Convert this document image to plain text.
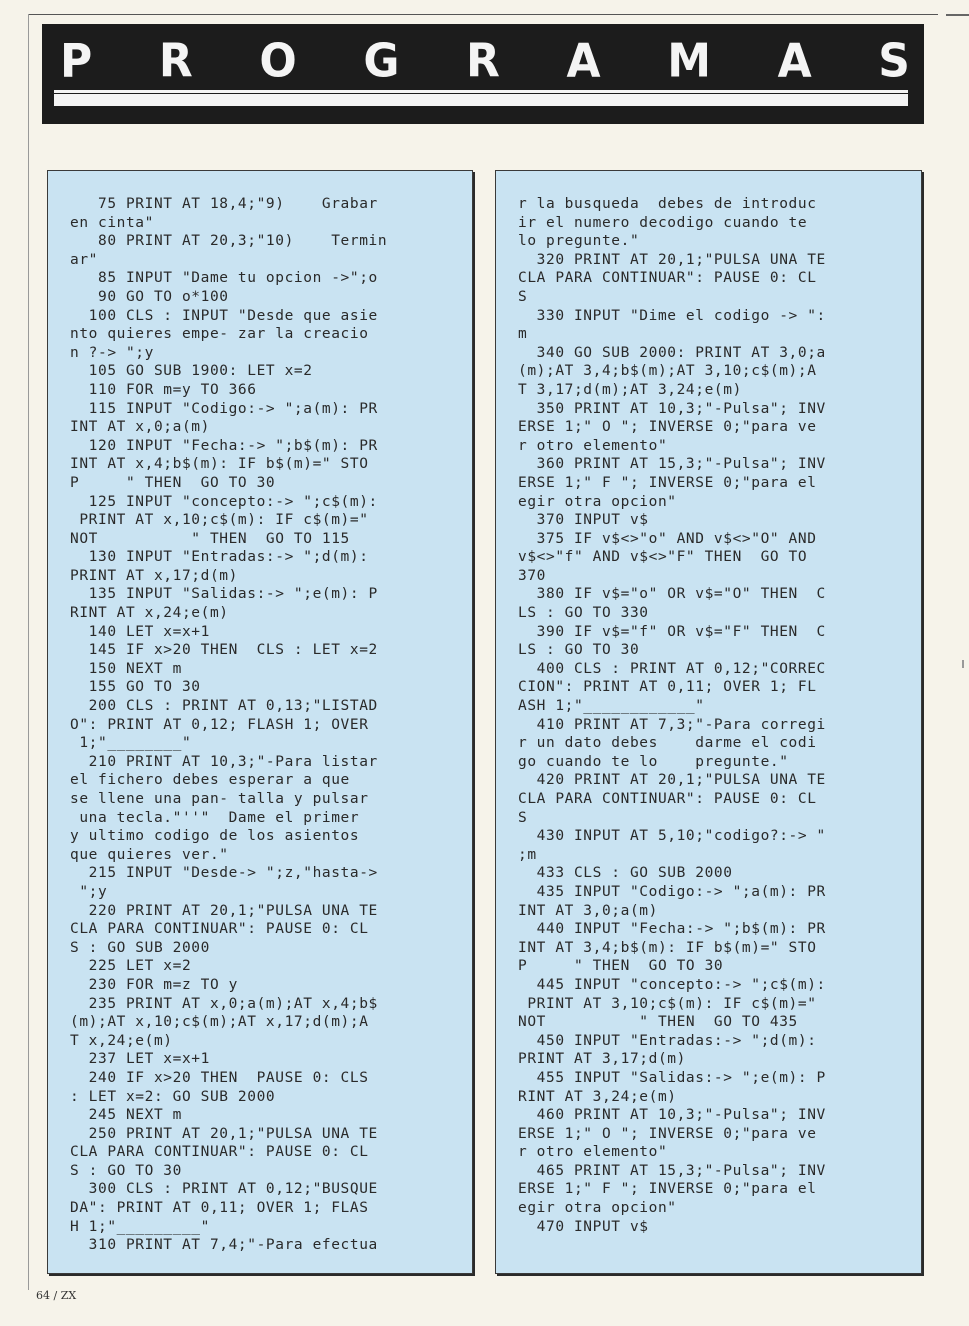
P R O G R A M A S
75 PRINT AT 18,4;"9)    Grabar
en cinta"
80 PRINT AT 20,3;"10)    Termin
ar"
85 INPUT "Dame tu opcion ->";o
90 GO TO o*100
100 CLS : INPUT "Desde que asie
nto quieres empe- zar la creacio
n ?-> ";y
105 GO SUB 1900: LET x=2
110 FOR m=y TO 366
115 INPUT "Codigo:-> ";a(m): PR
INT AT x,0;a(m)
120 INPUT "Fecha:-> ";b$(m): PR
INT AT x,4;b$(m): IF b$(m)=" STO
P     " THEN  GO TO 30
125 INPUT "concepto:-> ";c$(m):
PRINT AT x,10;c$(m): IF c$(m)="
NOT          " THEN  GO TO 115
130 INPUT "Entradas:-> ";d(m):
PRINT AT x,17;d(m)
135 INPUT "Salidas:-> ";e(m): P
RINT AT x,24;e(m)
140 LET x=x+1
145 IF x>20 THEN  CLS : LET x=2
150 NEXT m
155 GO TO 30
200 CLS : PRINT AT 0,13;"LISTAD
O": PRINT AT 0,12; FLASH 1; OVER
1;"________"
210 PRINT AT 10,3;"-Para listar
el fichero debes esperar a que
se llene una pan- talla y pulsar
una tecla."''"  Dame el primer
y ultimo codigo de los asientos
que quieres ver."
215 INPUT "Desde-> ";z,"hasta->
";y
220 PRINT AT 20,1;"PULSA UNA TE
CLA PARA CONTINUAR": PAUSE 0: CL
S : GO SUB 2000
225 LET x=2
230 FOR m=z TO y
235 PRINT AT x,0;a(m);AT x,4;b$
(m);AT x,10;c$(m);AT x,17;d(m);A
T x,24;e(m)
237 LET x=x+1
240 IF x>20 THEN  PAUSE 0: CLS
: LET x=2: GO SUB 2000
245 NEXT m
250 PRINT AT 20,1;"PULSA UNA TE
CLA PARA CONTINUAR": PAUSE 0: CL
S : GO TO 30
300 CLS : PRINT AT 0,12;"BUSQUE
DA": PRINT AT 0,11; OVER 1; FLAS
H 1;"_________"
310 PRINT AT 7,4;"-Para efectua
r la busqueda  debes de introduc
ir el numero decodigo cuando te
lo pregunte."
320 PRINT AT 20,1;"PULSA UNA TE
CLA PARA CONTINUAR": PAUSE 0: CL
S
330 INPUT "Dime el codigo -> ":
m
340 GO SUB 2000: PRINT AT 3,0;a
(m);AT 3,4;b$(m);AT 3,10;c$(m);A
T 3,17;d(m);AT 3,24;e(m)
350 PRINT AT 10,3;"-Pulsa"; INV
ERSE 1;" O "; INVERSE 0;"para ve
r otro elemento"
360 PRINT AT 15,3;"-Pulsa"; INV
ERSE 1;" F "; INVERSE 0;"para el
egir otra opcion"
370 INPUT v$
375 IF v$<>"o" AND v$<>"O" AND
v$<>"f" AND v$<>"F" THEN  GO TO
370
380 IF v$="o" OR v$="O" THEN  C
LS : GO TO 330
390 IF v$="f" OR v$="F" THEN  C
LS : GO TO 30
400 CLS : PRINT AT 0,12;"CORREC
CION": PRINT AT 0,11; OVER 1; FL
ASH 1;"____________"
410 PRINT AT 7,3;"-Para corregi
r un dato debes    darme el codi
go cuando te lo    pregunte."
420 PRINT AT 20,1;"PULSA UNA TE
CLA PARA CONTINUAR": PAUSE 0: CL
S
430 INPUT AT 5,10;"codigo?:-> "
;m
433 CLS : GO SUB 2000
435 INPUT "Codigo:-> ";a(m): PR
INT AT 3,0;a(m)
440 INPUT "Fecha:-> ";b$(m): PR
INT AT 3,4;b$(m): IF b$(m)=" STO
P     " THEN  GO TO 30
445 INPUT "concepto:-> ";c$(m):
PRINT AT 3,10;c$(m): IF c$(m)="
NOT          " THEN  GO TO 435
450 INPUT "Entradas:-> ";d(m):
PRINT AT 3,17;d(m)
455 INPUT "Salidas:-> ";e(m): P
RINT AT 3,24;e(m)
460 PRINT AT 10,3;"-Pulsa"; INV
ERSE 1;" O "; INVERSE 0;"para ve
r otro elemento"
465 PRINT AT 15,3;"-Pulsa"; INV
ERSE 1;" F "; INVERSE 0;"para el
egir otra opcion"
470 INPUT v$
64 / ZX
